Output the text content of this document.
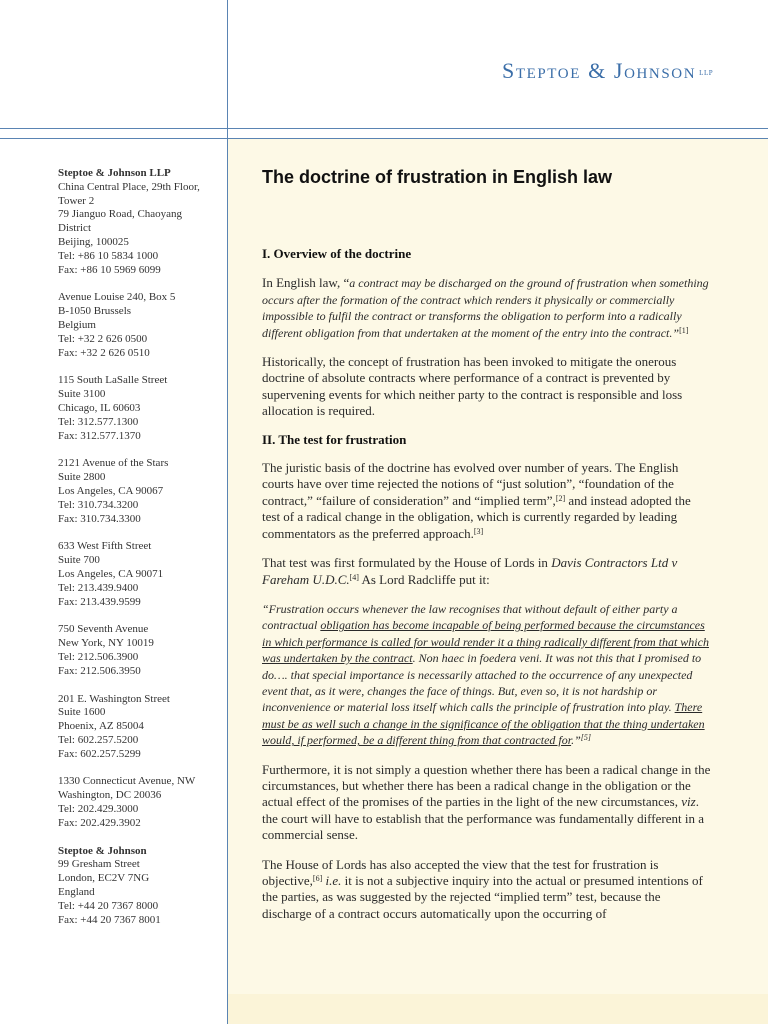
Steptoe & Johnson LLP
Steptoe & Johnson LLP
China Central Place, 29th Floor,
Tower 2
79 Jianguo Road, Chaoyang
District
Beijing, 100025
Tel: +86 10 5834 1000
Fax: +86 10 5969 6099
Avenue Louise 240, Box 5
B-1050 Brussels
Belgium
Tel: +32 2 626 0500
Fax: +32 2 626 0510
115 South LaSalle Street
Suite 3100
Chicago, IL 60603
Tel: 312.577.1300
Fax: 312.577.1370
2121 Avenue of the Stars
Suite 2800
Los Angeles, CA 90067
Tel: 310.734.3200
Fax: 310.734.3300
633 West Fifth Street
Suite 700
Los Angeles, CA 90071
Tel: 213.439.9400
Fax: 213.439.9599
750 Seventh Avenue
New York, NY 10019
Tel: 212.506.3900
Fax: 212.506.3950
201 E. Washington Street
Suite 1600
Phoenix, AZ 85004
Tel: 602.257.5200
Fax: 602.257.5299
1330 Connecticut Avenue, NW
Washington, DC 20036
Tel: 202.429.3000
Fax: 202.429.3902
Steptoe & Johnson
99 Gresham Street
London, EC2V 7NG
England
Tel: +44 20 7367 8000
Fax: +44 20 7367 8001
The doctrine of frustration in English law
I. Overview of the doctrine

In English law, “a contract may be discharged on the ground of frustration when something occurs after the formation of the contract which renders it physically or commercially impossible to fulfil the contract or transforms the obligation to perform into a radically different obligation from that undertaken at the moment of the entry into the contract.”[1]

Historically, the concept of frustration has been invoked to mitigate the onerous doctrine of absolute contracts where performance of a contract is prevented by supervening events for which neither party to the contract is responsible and loss allocation is required.

II. The test for frustration

The juristic basis of the doctrine has evolved over number of years. The English courts have over time rejected the notions of “just solution”, “foundation of the contract,” “failure of consideration” and “implied term”,[2] and instead adopted the test of a radical change in the obligation, which is currently regarded by leading commentators as the preferred approach.[3]

That test was first formulated by the House of Lords in Davis Contractors Ltd v Fareham U.D.C.[4] As Lord Radcliffe put it:

“Frustration occurs whenever the law recognises that without default of either party a contractual obligation has become incapable of being performed because the circumstances in which performance is called for would render it a thing radically different from that which was undertaken by the contract. Non haec in foedera veni. It was not this that I promised to do…. that special importance is necessarily attached to the occurrence of any unexpected event that, as it were, changes the face of things. But, even so, it is not hardship or inconvenience or material loss itself which calls the principle of frustration into play. There must be as well such a change in the significance of the obligation that the thing undertaken would, if performed, be a different thing from that contracted for.”[5]

Furthermore, it is not simply a question whether there has been a radical change in the circumstances, but whether there has been a radical change in the obligation or the actual effect of the promises of the parties in the light of the new circumstances, viz. the court will have to establish that the performance was fundamentally different in a commercial sense.

The House of Lords has also accepted the view that the test for frustration is objective,[6] i.e. it is not a subjective inquiry into the actual or presumed intentions of the parties, as was suggested by the rejected “implied term” test, because the discharge of a contract occurs automatically upon the occurring of
